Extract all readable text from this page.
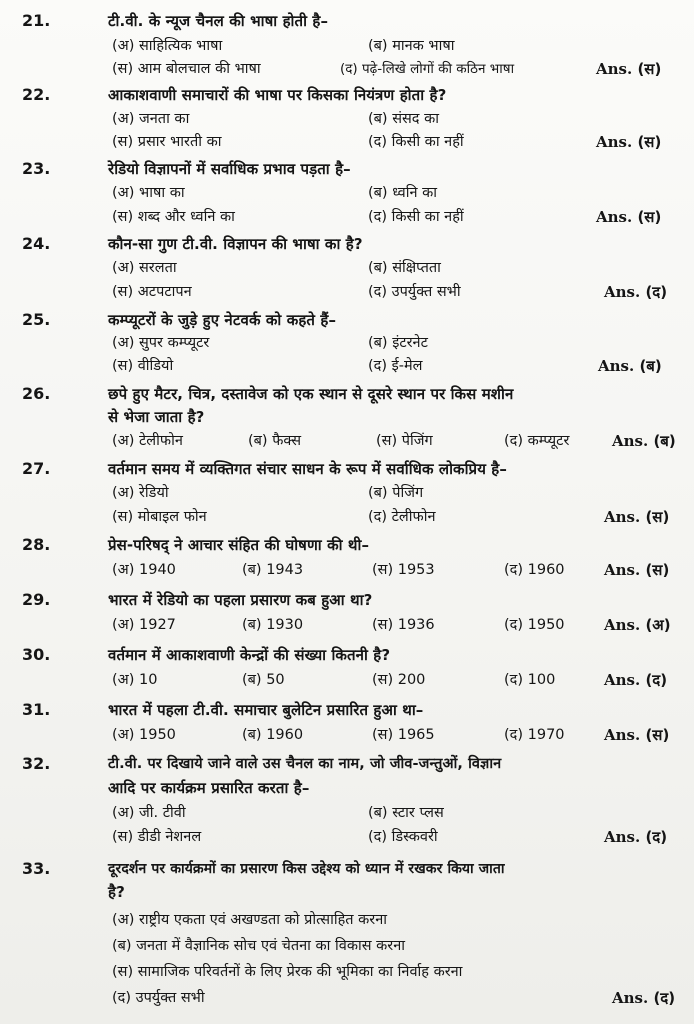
21.	टी.वी. के न्यूज चैनल की भाषा होती है–
(अ) साहित्यिक भाषा	(ब) मानक भाषा
(स) आम बोलचाल की भाषा	(द) पढ़े-लिखे लोगों की कठिन भाषा	Ans. (स)
22.	आकाशवाणी समाचारों की भाषा पर किसका नियंत्रण होता है?
(अ) जनता का	(ब) संसद का
(स) प्रसार भारती का	(द) किसी का नहीं	Ans. (स)
23.	रेडियो विज्ञापनों में सर्वाधिक प्रभाव पड़ता है–
(अ) भाषा का	(ब) ध्वनि का
(स) शब्द और ध्वनि का	(द) किसी का नहीं	Ans. (स)
24.	कौन-सा गुण टी.वी. विज्ञापन की भाषा का है?
(अ) सरलता	(ब) संक्षिप्तता
(स) अटपटापन	(द) उपर्युक्त सभी	Ans. (द)
25.	कम्प्यूटरों के जुड़े हुए नेटवर्क को कहते हैं–
(अ) सुपर कम्प्यूटर	(ब) इंटरनेट
(स) वीडियो	(द) ई-मेल	Ans. (ब)
26.	छपे हुए मैटर, चित्र, दस्तावेज को एक स्थान से दूसरे स्थान पर किस मशीन
से भेजा जाता है?
(अ) टेलीफोन	(ब) फैक्स	(स) पेजिंग	(द) कम्प्यूटर	Ans. (ब)
27.	वर्तमान समय में व्यक्तिगत संचार साधन के रूप में सर्वाधिक लोकप्रिय है–
(अ) रेडियो	(ब) पेजिंग
(स) मोबाइल फोन	(द) टेलीफोन	Ans. (स)
28.	प्रेस-परिषद् ने आचार संहित की घोषणा की थी–
(अ) 1940	(ब) 1943	(स) 1953	(द) 1960	Ans. (स)
29.	भारत में रेडियो का पहला प्रसारण कब हुआ था?
(अ) 1927	(ब) 1930	(स) 1936	(द) 1950	Ans. (अ)
30.	वर्तमान में आकाशवाणी केन्द्रों की संख्या कितनी है?
(अ) 10	(ब) 50	(स) 200	(द) 100	Ans. (द)
31.	भारत में पहला टी.वी. समाचार बुलेटिन प्रसारित हुआ था–
(अ) 1950	(ब) 1960	(स) 1965	(द) 1970	Ans. (स)
32.	टी.वी. पर दिखाये जाने वाले उस चैनल का नाम, जो जीव-जन्तुओं, विज्ञान
आदि पर कार्यक्रम प्रसारित करता है–
(अ) जी. टीवी	(ब) स्टार प्लस
(स) डीडी नेशनल	(द) डिस्कवरी	Ans. (द)
33.	दूरदर्शन पर कार्यक्रमों का प्रसारण किस उद्देश्य को ध्यान में रखकर किया जाता
है?
(अ) राष्ट्रीय एकता एवं अखण्डता को प्रोत्साहित करना
(ब) जनता में वैज्ञानिक सोच एवं चेतना का विकास करना
(स) सामाजिक परिवर्तनों के लिए प्रेरक की भूमिका का निर्वाह करना
(द) उपर्युक्त सभी	Ans. (द)
